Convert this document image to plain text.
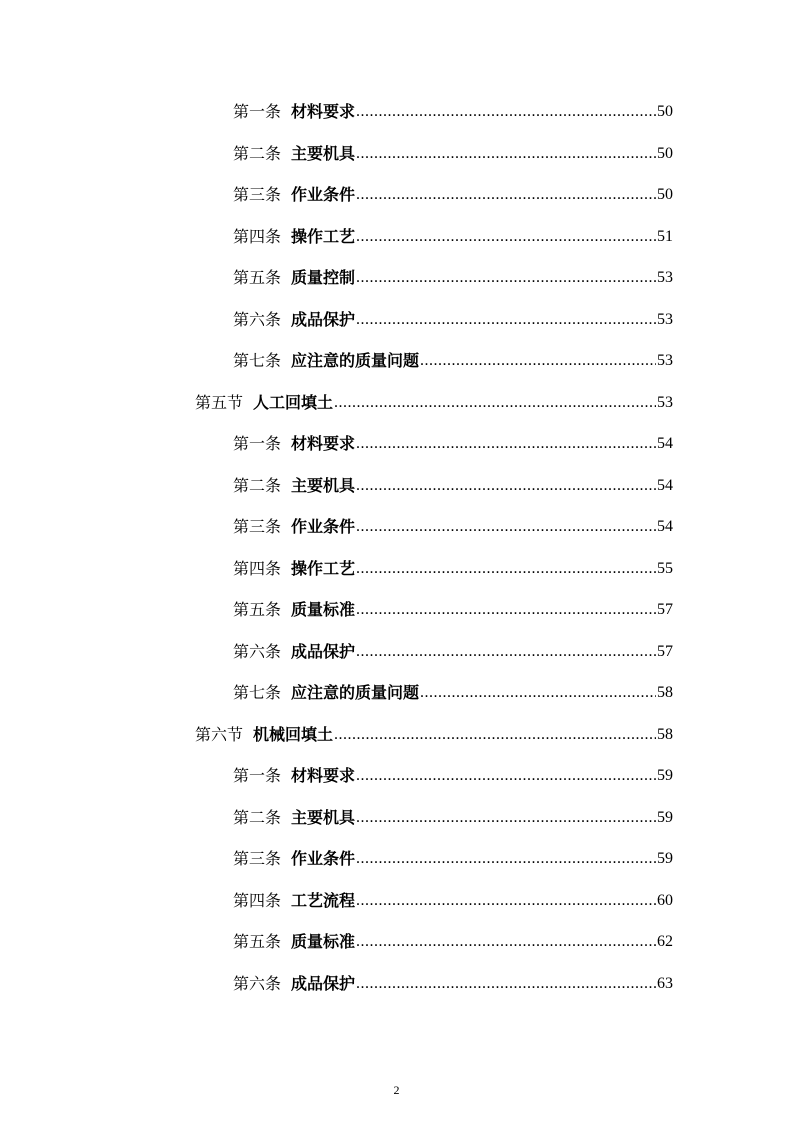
第一条 材料要求 .....	50
第二条 主要机具 .....	50
第三条 作业条件 .....	50
第四条 操作工艺 .....	51
第五条 质量控制 .....	53
第六条 成品保护 .....	53
第七条 应注意的质量问题 .....	53
第五节 人工回填土 .....	53
第一条 材料要求 .....	54
第二条 主要机具 .....	54
第三条 作业条件 .....	54
第四条 操作工艺 .....	55
第五条 质量标准 .....	57
第六条 成品保护 .....	57
第七条 应注意的质量问题 .....	58
第六节 机械回填土 .....	58
第一条 材料要求 .....	59
第二条 主要机具 .....	59
第三条 作业条件 .....	59
第四条 工艺流程 .....	60
第五条 质量标准 .....	62
第六条 成品保护 .....	63
2
